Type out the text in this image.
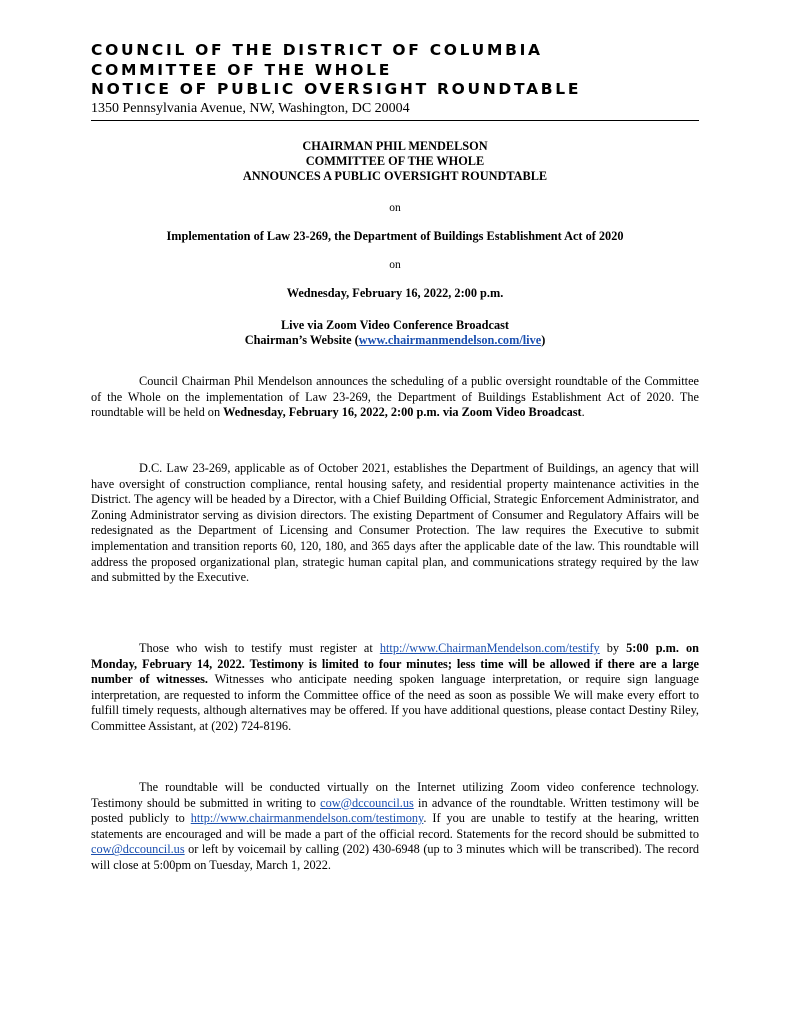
COUNCIL OF THE DISTRICT OF COLUMBIA
COMMITTEE OF THE WHOLE
NOTICE OF PUBLIC OVERSIGHT ROUNDTABLE
1350 Pennsylvania Avenue, NW, Washington, DC 20004
CHAIRMAN PHIL MENDELSON
COMMITTEE OF THE WHOLE
ANNOUNCES A PUBLIC OVERSIGHT ROUNDTABLE
on
Implementation of Law 23-269, the Department of Buildings Establishment Act of 2020
on
Wednesday, February 16, 2022, 2:00 p.m.
Live via Zoom Video Conference Broadcast
Chairman’s Website (www.chairmanmendelson.com/live)
Council Chairman Phil Mendelson announces the scheduling of a public oversight roundtable of the Committee of the Whole on the implementation of Law 23-269, the Department of Buildings Establishment Act of 2020. The roundtable will be held on Wednesday, February 16, 2022, 2:00 p.m. via Zoom Video Broadcast.
D.C. Law 23-269, applicable as of October 2021, establishes the Department of Buildings, an agency that will have oversight of construction compliance, rental housing safety, and residential property maintenance activities in the District. The agency will be headed by a Director, with a Chief Building Official, Strategic Enforcement Administrator, and Zoning Administrator serving as division directors. The existing Department of Consumer and Regulatory Affairs will be redesignated as the Department of Licensing and Consumer Protection. The law requires the Executive to submit implementation and transition reports 60, 120, 180, and 365 days after the applicable date of the law. This roundtable will address the proposed organizational plan, strategic human capital plan, and communications strategy required by the law and submitted by the Executive.
Those who wish to testify must register at http://www.ChairmanMendelson.com/testify by 5:00 p.m. on Monday, February 14, 2022. Testimony is limited to four minutes; less time will be allowed if there are a large number of witnesses. Witnesses who anticipate needing spoken language interpretation, or require sign language interpretation, are requested to inform the Committee office of the need as soon as possible We will make every effort to fulfill timely requests, although alternatives may be offered. If you have additional questions, please contact Destiny Riley, Committee Assistant, at (202) 724-8196.
The roundtable will be conducted virtually on the Internet utilizing Zoom video conference technology. Testimony should be submitted in writing to cow@dccouncil.us in advance of the roundtable. Written testimony will be posted publicly to http://www.chairmanmendelson.com/testimony. If you are unable to testify at the hearing, written statements are encouraged and will be made a part of the official record. Statements for the record should be submitted to cow@dccouncil.us or left by voicemail by calling (202) 430-6948 (up to 3 minutes which will be transcribed). The record will close at 5:00pm on Tuesday, March 1, 2022.
